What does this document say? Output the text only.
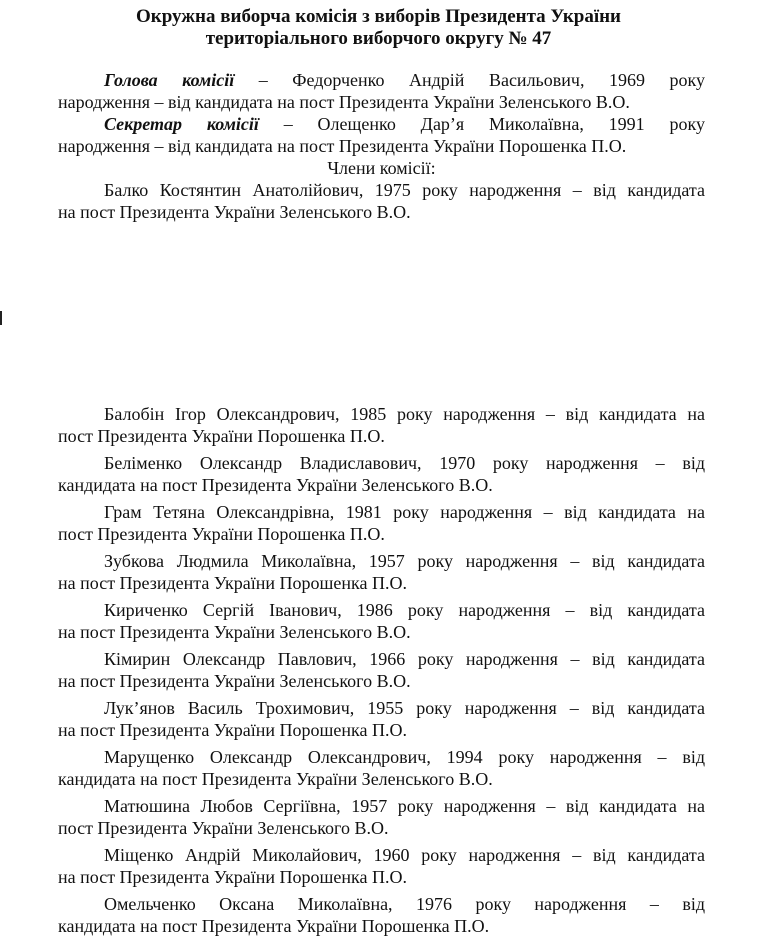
Окружна виборча комісія з виборів Президента України
територіального виборчого округу № 47
Голова комісії – Федорченко Андрій Васильович, 1969 року
народження – від кандидата на пост Президента України Зеленського В.О.
Секретар комісії – Олещенко Дар’я Миколаївна, 1991 року
народження – від кандидата на пост Президента України Порошенка П.О.
Члени комісії:
Балко Костянтин Анатолійович, 1975 року народження – від кандидата
на пост Президента України Зеленського В.О.
Балобін Ігор Олександрович, 1985 року народження – від кандидата на
пост Президента України Порошенка П.О.
Беліменко Олександр Владиславович, 1970 року народження – від
кандидата на пост Президента України Зеленського В.О.
Грам Тетяна Олександрівна, 1981 року народження – від кандидата на
пост Президента України Порошенка П.О.
Зубкова Людмила Миколаївна, 1957 року народження – від кандидата
на пост Президента України Порошенка П.О.
Кириченко Сергій Іванович, 1986 року народження – від кандидата
на пост Президента України Зеленського В.О.
Кімирин Олександр Павлович, 1966 року народження – від кандидата
на пост Президента України Зеленського В.О.
Лук’янов Василь Трохимович, 1955 року народження – від кандидата
на пост Президента України Порошенка П.О.
Марущенко Олександр Олександрович, 1994 року народження – від
кандидата на пост Президента України Зеленського В.О.
Матюшина Любов Сергіївна, 1957 року народження – від кандидата на
пост Президента України Зеленського В.О.
Міщенко Андрій Миколайович, 1960 року народження – від кандидата
на пост Президента України Порошенка П.О.
Омельченко Оксана Миколаївна, 1976 року народження – від
кандидата на пост Президента України Порошенка П.О.
